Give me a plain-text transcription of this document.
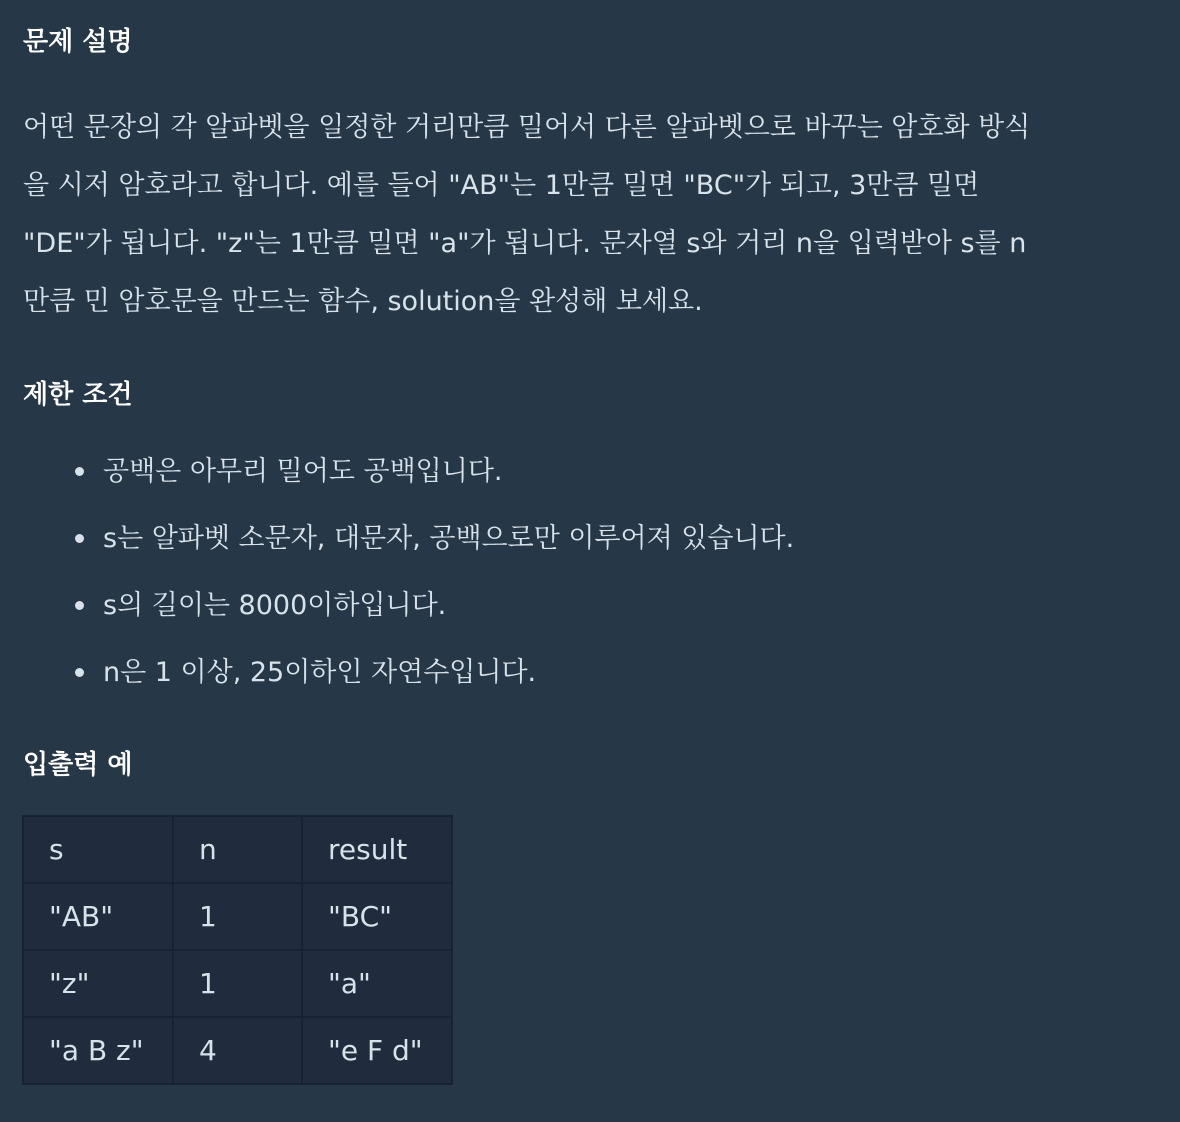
문제 설명

어떤 문장의 각 알파벳을 일정한 거리만큼 밀어서 다른 알파벳으로 바꾸는 암호화 방식
을 시저 암호라고 합니다. 예를 들어 "AB"는 1만큼 밀면 "BC"가 되고, 3만큼 밀면
"DE"가 됩니다. "z"는 1만큼 밀면 "a"가 됩니다. 문자열 s와 거리 n을 입력받아 s를 n
만큼 민 암호문을 만드는 함수, solution을 완성해 보세요.

제한 조건
공백은 아무리 밀어도 공백입니다.
s는 알파벳 소문자, 대문자, 공백으로만 이루어져 있습니다.
s의 길이는 8000이하입니다.
n은 1 이상, 25이하인 자연수입니다.
입출력 예
s	n	result
"AB"	1	"BC"
"z"	1	"a"
"a B z"	4	"e F d"
